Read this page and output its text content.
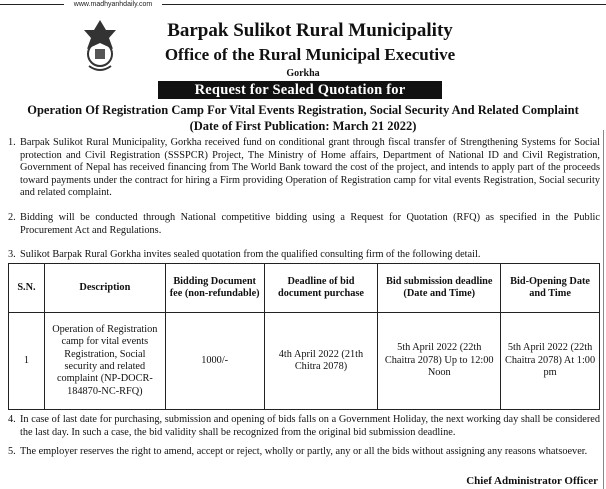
www.madhyanhdaily.com
Barpak Sulikot Rural Municipality
Office of the Rural Municipal Executive
Gorkha
Request for Sealed Quotation for
Operation Of Registration Camp For Vital Events Registration, Social Security And Related Complaint
(Date of First Publication: March 21 2022)
1. Barpak Sulikot Rural Municipality, Gorkha received fund on conditional grant through fiscal transfer of Strengthening Systems for Social protection and Civil Registration (SSSPCR) Project, The Ministry of Home affairs, Department of National ID and Civil Registration, Government of Nepal has received financing from The World Bank toward the cost of the project, and intends to apply part of the proceeds toward payments under the contract for hiring a Firm providing Operation of Registration camp for vital events Registration, Social security and related complaint.
2. Bidding will be conducted through National competitive bidding using a Request for Quotation (RFQ) as specified in the Public Procurement Act and Regulations.
3. Sulikot Barpak Rural Gorkha invites sealed quotation from the qualified consulting firm of the following detail.
S.N.	Description	Bidding Document fee (non-refundable)	Deadline of bid document purchase	Bid submission deadline (Date and Time)	Bid-Opening Date and Time
1	Operation of Registration camp for vital events Registration, Social security and related complaint (NP-DOCR-184870-NC-RFQ)	1000/-	4th April 2022 (21th Chitra 2078)	5th April 2022 (22th Chaitra 2078) Up to 12:00 Noon	5th April 2022 (22th Chaitra 2078) At 1:00 pm
4. In case of last date for purchasing, submission and opening of bids falls on a Government Holiday, the next working day shall be considered the last day. In such a case, the bid validity shall be recognized from the original bid submission deadline.
5. The employer reserves the right to amend, accept or reject, wholly or partly, any or all the bids without assigning any reasons whatsoever.
Chief Administrator Officer
